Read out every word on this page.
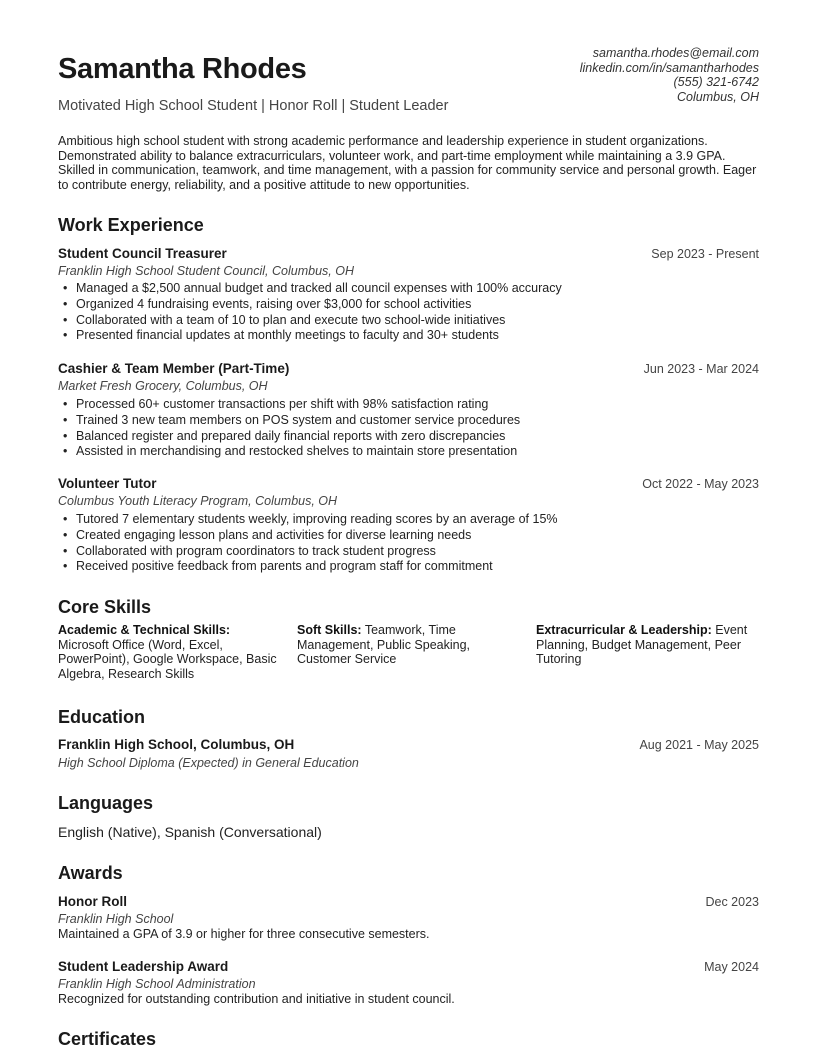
Samantha Rhodes
Motivated High School Student | Honor Roll | Student Leader
samantha.rhodes@email.com
linkedin.com/in/samantharhodes
(555) 321-6742
Columbus, OH
Ambitious high school student with strong academic performance and leadership experience in student organizations. Demonstrated ability to balance extracurriculars, volunteer work, and part-time employment while maintaining a 3.9 GPA. Skilled in communication, teamwork, and time management, with a passion for community service and personal growth. Eager to contribute energy, reliability, and a positive attitude to new opportunities.
Work Experience
Student Council Treasurer	Sep 2023 - Present
Franklin High School Student Council, Columbus, OH
• Managed a $2,500 annual budget and tracked all council expenses with 100% accuracy
• Organized 4 fundraising events, raising over $3,000 for school activities
• Collaborated with a team of 10 to plan and execute two school-wide initiatives
• Presented financial updates at monthly meetings to faculty and 30+ students
Cashier & Team Member (Part-Time)	Jun 2023 - Mar 2024
Market Fresh Grocery, Columbus, OH
• Processed 60+ customer transactions per shift with 98% satisfaction rating
• Trained 3 new team members on POS system and customer service procedures
• Balanced register and prepared daily financial reports with zero discrepancies
• Assisted in merchandising and restocked shelves to maintain store presentation
Volunteer Tutor	Oct 2022 - May 2023
Columbus Youth Literacy Program, Columbus, OH
• Tutored 7 elementary students weekly, improving reading scores by an average of 15%
• Created engaging lesson plans and activities for diverse learning needs
• Collaborated with program coordinators to track student progress
• Received positive feedback from parents and program staff for commitment
Core Skills
Academic & Technical Skills: Microsoft Office (Word, Excel, PowerPoint), Google Workspace, Basic Algebra, Research Skills
Soft Skills: Teamwork, Time Management, Public Speaking, Customer Service
Extracurricular & Leadership: Event Planning, Budget Management, Peer Tutoring
Education
Franklin High School, Columbus, OH	Aug 2021 - May 2025
High School Diploma (Expected) in General Education
Languages
English (Native), Spanish (Conversational)
Awards
Honor Roll	Dec 2023
Franklin High School
Maintained a GPA of 3.9 or higher for three consecutive semesters.
Student Leadership Award	May 2024
Franklin High School Administration
Recognized for outstanding contribution and initiative in student council.
Certificates
